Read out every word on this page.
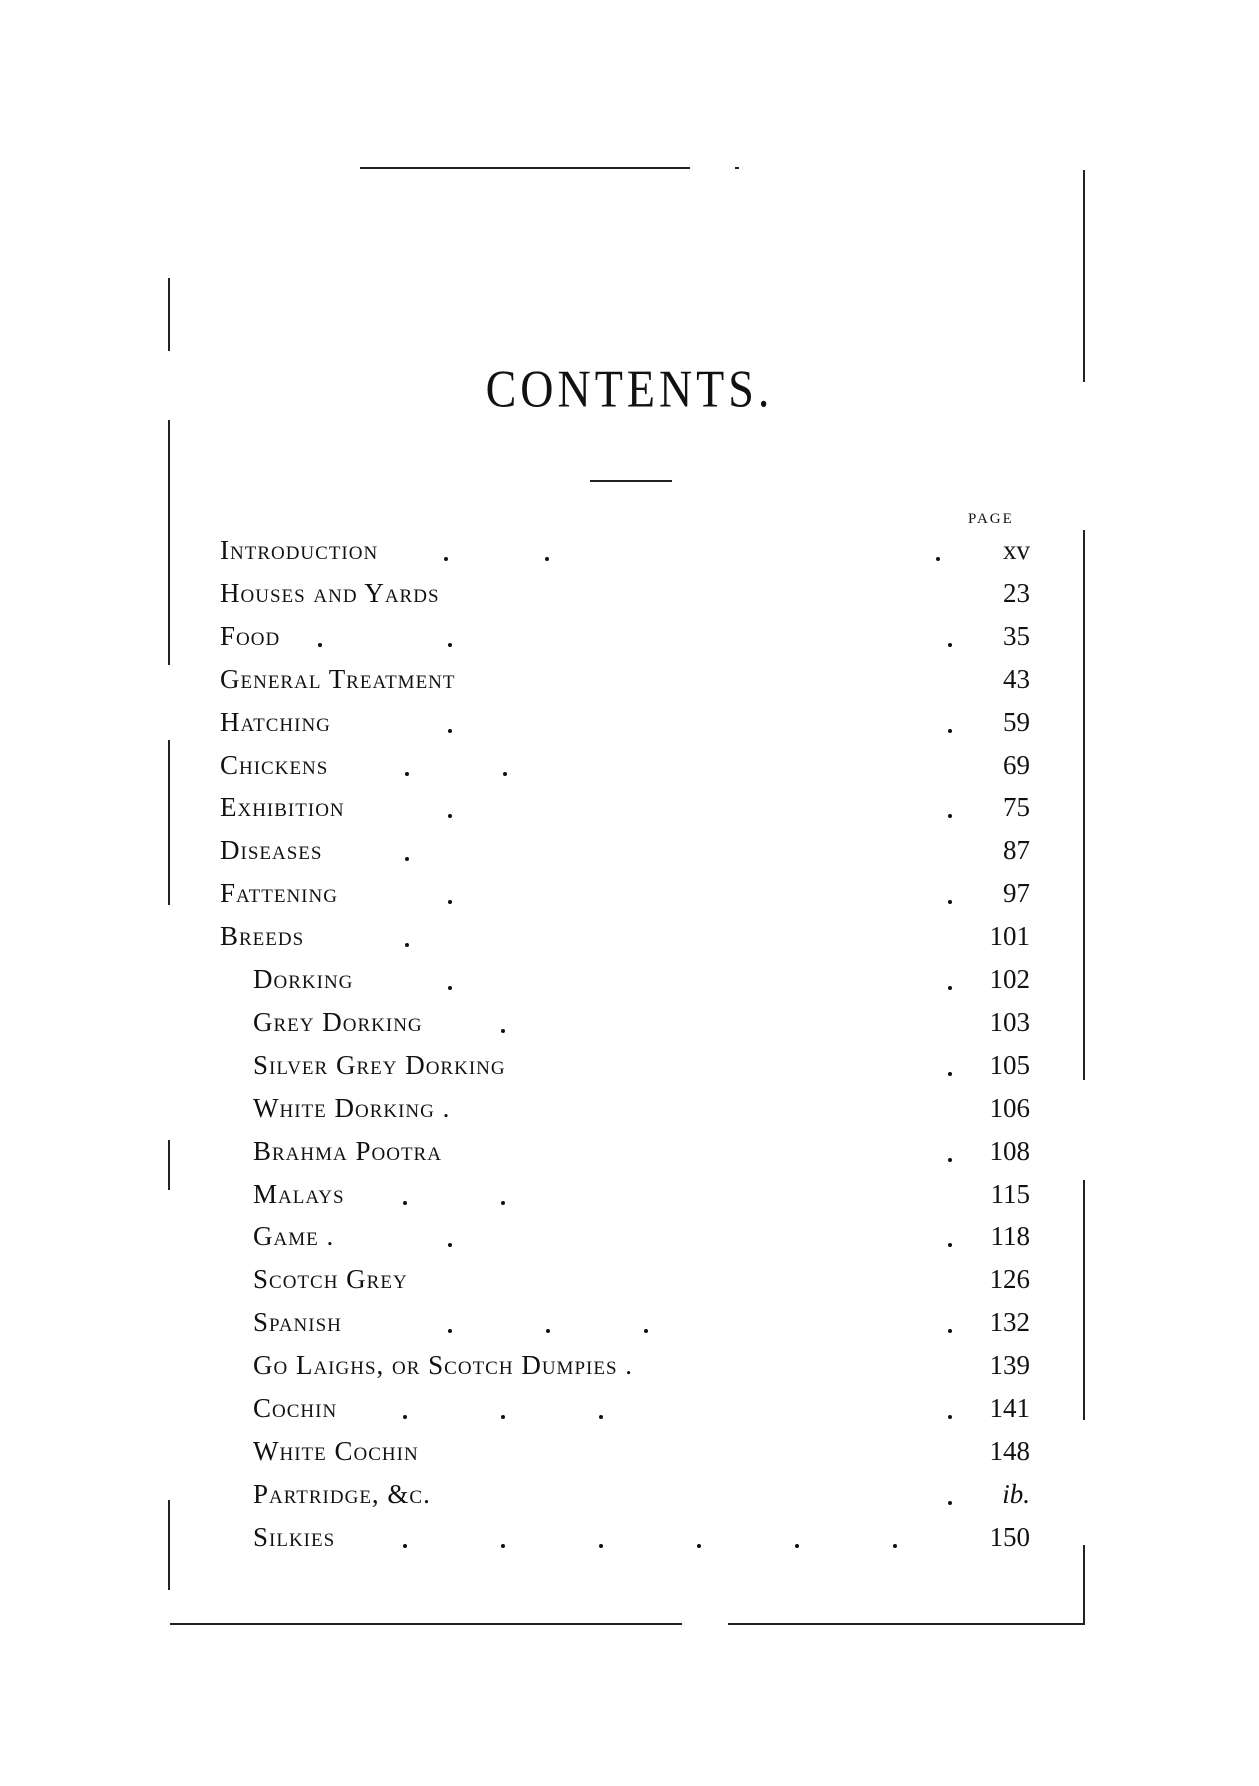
CONTENTS.
PAGE
Introduction	xv
Houses and Yards	23
Food	35
General Treatment	43
Hatching	59
Chickens	69
Exhibition	75
Diseases	87
Fattening	97
Breeds	101
Dorking	102
Grey Dorking	103
Silver Grey Dorking	105
White Dorking .	106
Brahma Pootra	108
Malays	115
Game .	118
Scotch Grey	126
Spanish	132
Go Laighs, or Scotch Dumpies .	139
Cochin	141
White Cochin	148
Partridge, &c.	ib.
Silkies	150
